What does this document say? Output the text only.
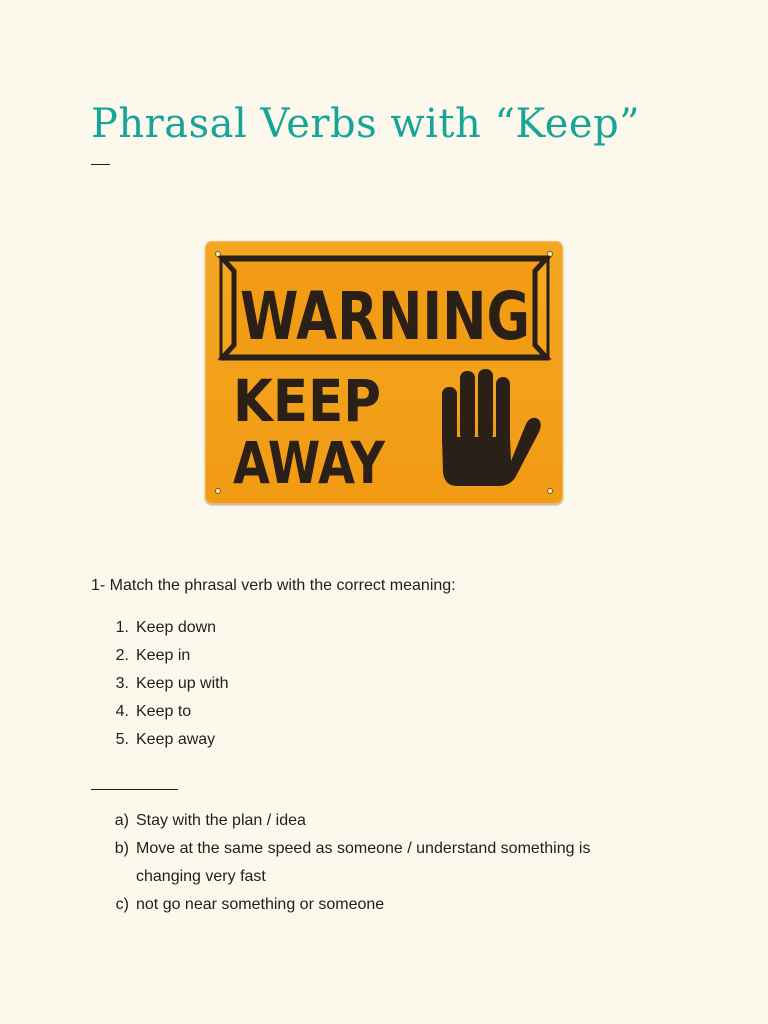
Phrasal Verbs with “Keep”
WARNING
KEEP
AWAY

1- Match the phrasal verb with the correct meaning:

1. Keep down
2. Keep in
3. Keep up with
4. Keep to
5. Keep away
a) Stay with the plan / idea
b) Move at the same speed as someone / understand something is changing very fast
c) not go near something or someone
